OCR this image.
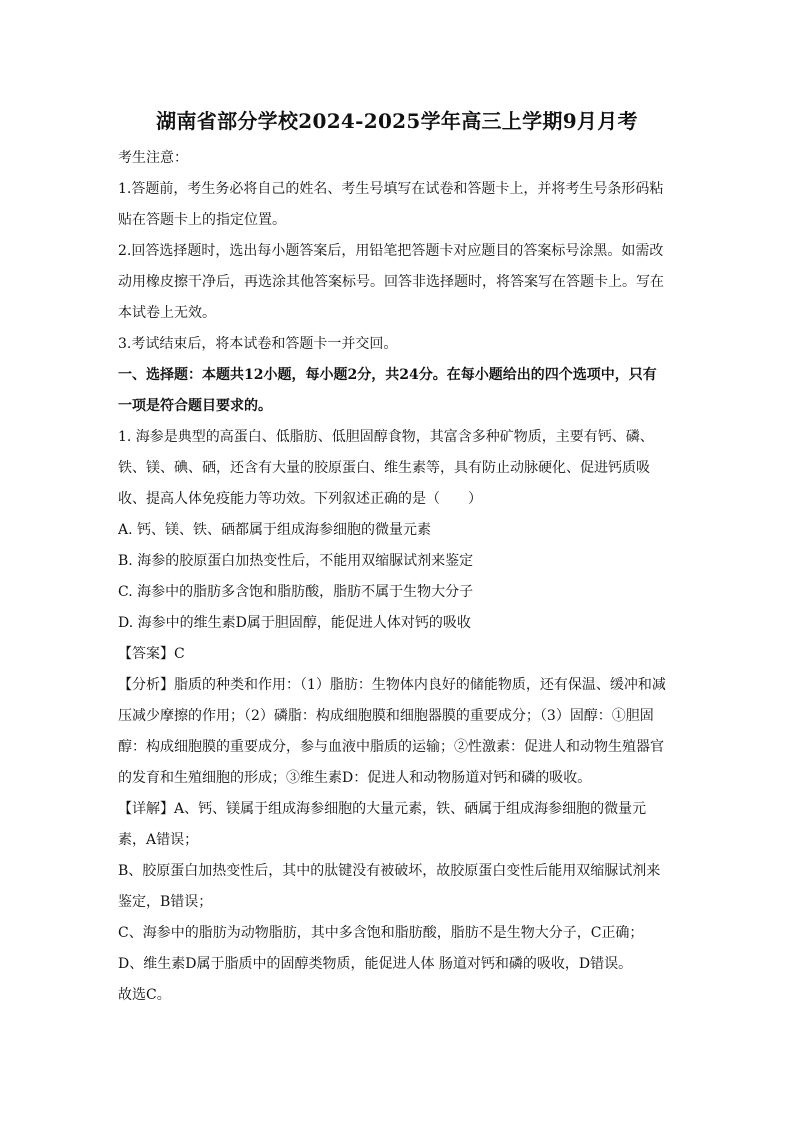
湖南省部分学校2024-2025学年高三上学期9月月考
考生注意：
1.答题前，考生务必将自己的姓名、考生号填写在试卷和答题卡上，并将考生号条形码粘
贴在答题卡上的指定位置。
2.回答选择题时，选出每小题答案后，用铅笔把答题卡对应题目的答案标号涂黑。如需改
动用橡皮擦干净后，再选涂其他答案标号。回答非选择题时，将答案写在答题卡上。写在
本试卷上无效。
3.考试结束后，将本试卷和答题卡一并交回。
一、选择题：本题共12小题，每小题2分，共24分。在每小题给出的四个选项中，只有
一项是符合题目要求的。
1. 海参是典型的高蛋白、低脂肪、低胆固醇食物，其富含多种矿物质，主要有钙、磷、
铁、镁、碘、硒，还含有大量的胶原蛋白、维生素等，具有防止动脉硬化、促进钙质吸
收、提高人体免疫能力等功效。下列叙述正确的是（　　）
A. 钙、镁、铁、硒都属于组成海参细胞的微量元素
B. 海参的胶原蛋白加热变性后，不能用双缩脲试剂来鉴定
C. 海参中的脂肪多含饱和脂肪酸，脂肪不属于生物大分子
D. 海参中的维生素D属于胆固醇，能促进人体对钙的吸收
【答案】C
【分析】脂质的种类和作用：（1）脂肪：生物体内良好的储能物质，还有保温、缓冲和减
压减少摩擦的作用；（2）磷脂：构成细胞膜和细胞器膜的重要成分；（3）固醇：①胆固
醇：构成细胞膜的重要成分，参与血液中脂质的运输；②性激素：促进人和动物生殖器官
的发育和生殖细胞的形成；③维生素D：促进人和动物肠道对钙和磷的吸收。
【详解】A、钙、镁属于组成海参细胞的大量元素，铁、硒属于组成海参细胞的微量元
素，A错误；
B、胶原蛋白加热变性后，其中的肽键没有被破坏，故胶原蛋白变性后能用双缩脲试剂来
鉴定，B错误；
C、海参中的脂肪为动物脂肪，其中多含饱和脂肪酸，脂肪不是生物大分子，C正确；
D、维生素D属于脂质中的固醇类物质，能促进人体 肠道对钙和磷的吸收，D错误。
故选C。
